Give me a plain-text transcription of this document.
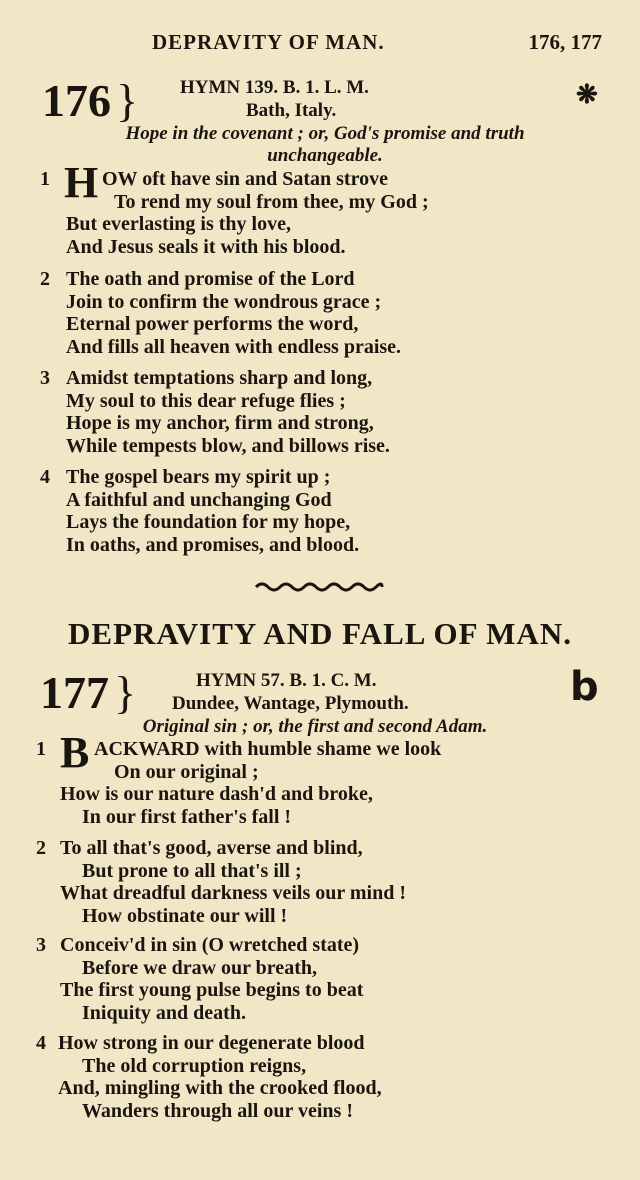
DEPRAVITY OF MAN.	176, 177
176 } HYMN 139. B. 1. L. M.
Bath, Italy.
❋
Hope in the covenant ; or, God's promise and truth
unchangeable.
1 H OW oft have sin and Satan strove
To rend my soul from thee, my God ;
But everlasting is thy love,
And Jesus seals it with his blood.
2 The oath and promise of the Lord
Join to confirm the wondrous grace ;
Eternal power performs the word,
And fills all heaven with endless praise.
3 Amidst temptations sharp and long,
My soul to this dear refuge flies ;
Hope is my anchor, firm and strong,
While tempests blow, and billows rise.
4 The gospel bears my spirit up ;
A faithful and unchanging God
Lays the foundation for my hope,
In oaths, and promises, and blood.
DEPRAVITY AND FALL OF MAN.
177 }	HYMN 57. B. 1. C. M.
Dundee, Wantage, Plymouth.	b
Original sin ; or, the first and second Adam.
1 B ACKWARD with humble shame we look
On our original ;
How is our nature dash'd and broke,
In our first father's fall !
2 To all that's good, averse and blind,
But prone to all that's ill ;
What dreadful darkness veils our mind !
How obstinate our will !
3 Conceiv'd in sin (O wretched state)
Before we draw our breath,
The first young pulse begins to beat
Iniquity and death.
4 How strong in our degenerate blood
The old corruption reigns,
And, mingling with the crooked flood,
Wanders through all our veins !
